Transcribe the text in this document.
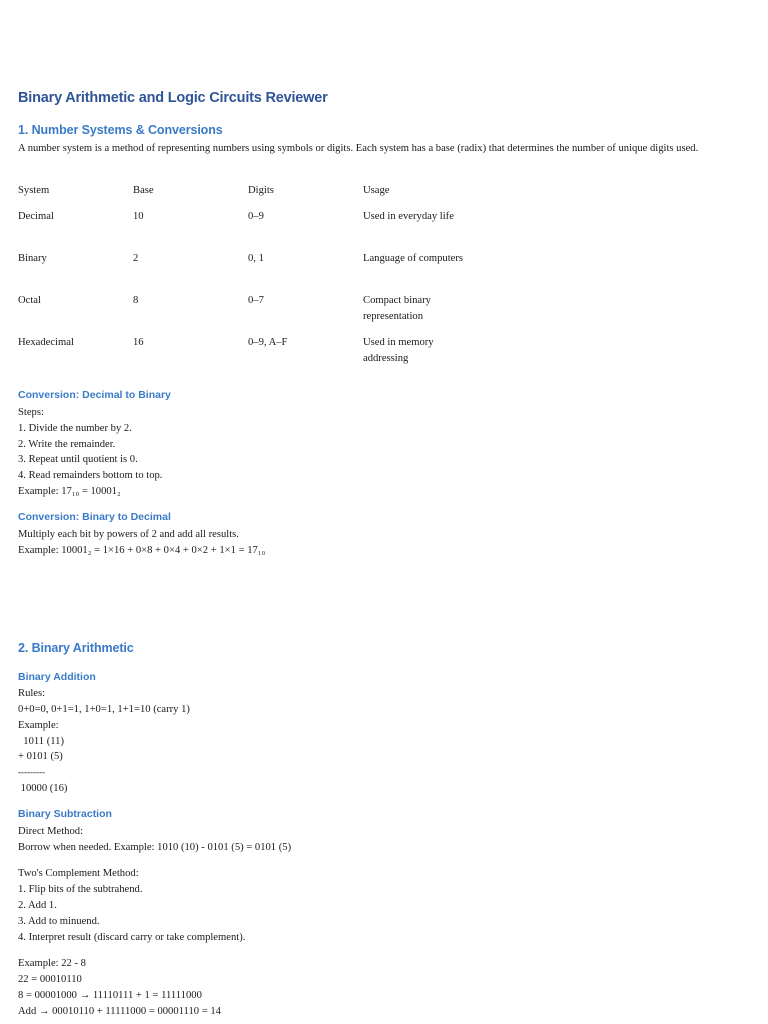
Binary Arithmetic and Logic Circuits Reviewer
1. Number Systems & Conversions
A number system is a method of representing numbers using symbols or digits. Each system has a base (radix) that determines the number of unique digits used.
System	Base	Digits	Usage
Decimal	10	0–9	Used in everyday life
Binary	2	0, 1	Language of computers
Octal	8	0–7	Compact binary representation
Hexadecimal	16	0–9, A–F	Used in memory addressing
Conversion: Decimal to Binary
Steps:
1. Divide the number by 2.
2. Write the remainder.
3. Repeat until quotient is 0.
4. Read remainders bottom to top.
Example: 17₁₀ = 10001₂
Conversion: Binary to Decimal
Multiply each bit by powers of 2 and add all results.
Example: 10001₂ = 1×16 + 0×8 + 0×4 + 0×2 + 1×1 = 17₁₀
2. Binary Arithmetic
Binary Addition
Rules:
0+0=0, 0+1=1, 1+0=1, 1+1=10 (carry 1)
Example:
1011 (11)
+ 0101 (5)
---------
10000 (16)
Binary Subtraction
Direct Method:
Borrow when needed. Example: 1010 (10) - 0101 (5) = 0101 (5)
Two's Complement Method:
1. Flip bits of the subtrahend.
2. Add 1.
3. Add to minuend.
4. Interpret result (discard carry or take complement).
Example: 22 - 8
22 = 00010110
8 = 00001000 → 11110111 + 1 = 11111000
Add → 00010110 + 11111000 = 00001110 = 14
